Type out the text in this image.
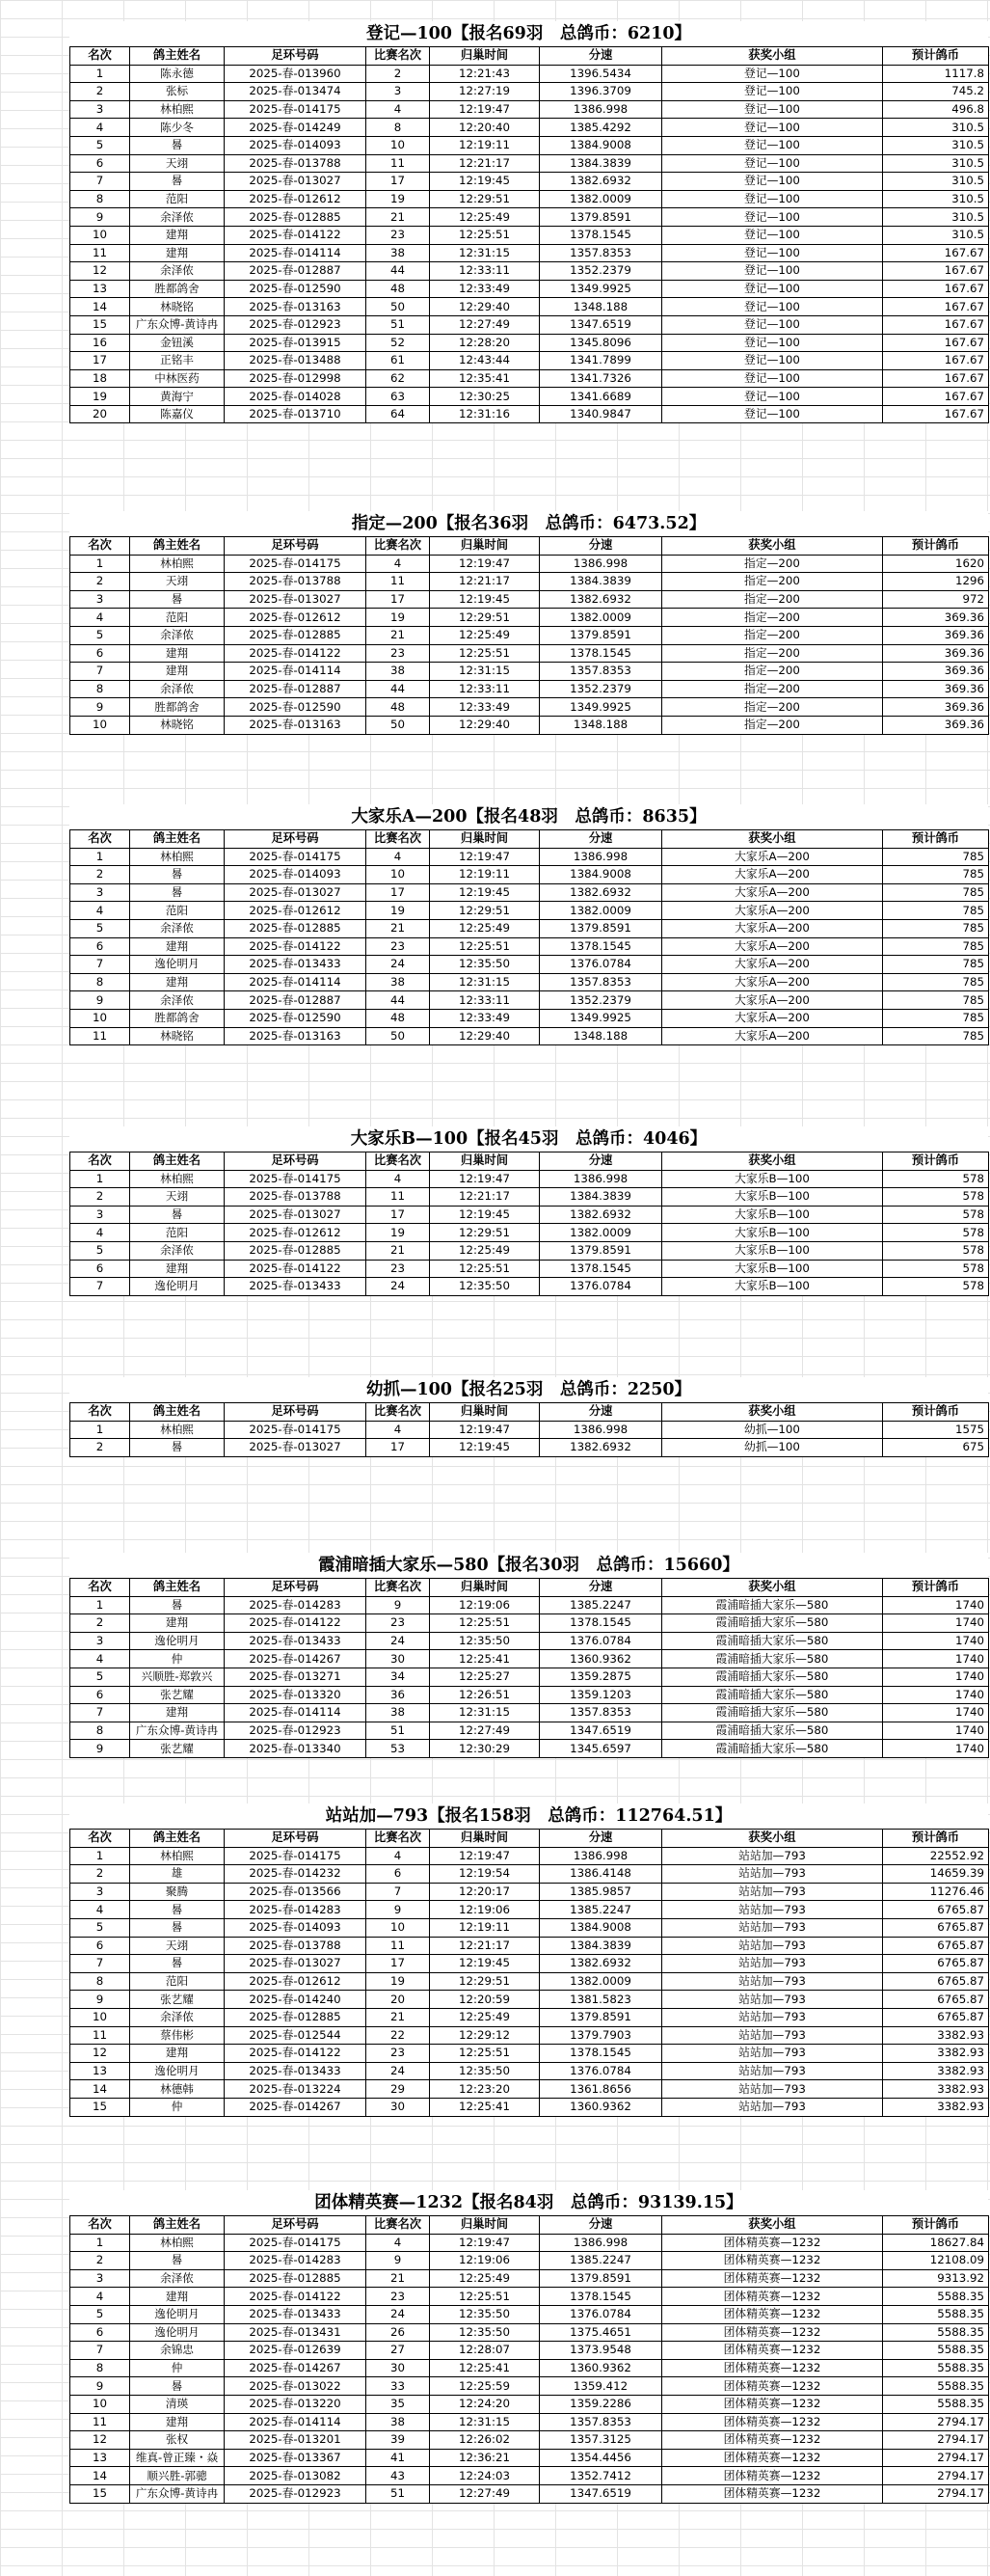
登记—100【报名69羽　总鸽币：6210】
名次	鸽主姓名	足环号码	比赛名次	归巢时间	分速	获奖小组	预计鸽币
1	陈永德	2025-春-013960	2	12:21:43	1396.5434	登记—100	1117.8
2	张标	2025-春-013474	3	12:27:19	1396.3709	登记—100	745.2
3	林柏熙	2025-春-014175	4	12:19:47	1386.998	登记—100	496.8
4	陈少冬	2025-春-014249	8	12:20:40	1385.4292	登记—100	310.5
5	晷	2025-春-014093	10	12:19:11	1384.9008	登记—100	310.5
6	天翊	2025-春-013788	11	12:21:17	1384.3839	登记—100	310.5
7	晷	2025-春-013027	17	12:19:45	1382.6932	登记—100	310.5
8	范阳	2025-春-012612	19	12:29:51	1382.0009	登记—100	310.5
9	余泽侬	2025-春-012885	21	12:25:49	1379.8591	登记—100	310.5
10	建翔	2025-春-014122	23	12:25:51	1378.1545	登记—100	310.5
11	建翔	2025-春-014114	38	12:31:15	1357.8353	登记—100	167.67
12	余泽侬	2025-春-012887	44	12:33:11	1352.2379	登记—100	167.67
13	胜都鸽舍	2025-春-012590	48	12:33:49	1349.9925	登记—100	167.67
14	林晓铭	2025-春-013163	50	12:29:40	1348.188	登记—100	167.67
15	广东众博-黄诗冉	2025-春-012923	51	12:27:49	1347.6519	登记—100	167.67
16	金钮溪	2025-春-013915	52	12:28:20	1345.8096	登记—100	167.67
17	正铭丰	2025-春-013488	61	12:43:44	1341.7899	登记—100	167.67
18	中林医药	2025-春-012998	62	12:35:41	1341.7326	登记—100	167.67
19	黄海宁	2025-春-014028	63	12:30:25	1341.6689	登记—100	167.67
20	陈嘉仪	2025-春-013710	64	12:31:16	1340.9847	登记—100	167.67
指定—200【报名36羽　总鸽币：6473.52】
名次	鸽主姓名	足环号码	比赛名次	归巢时间	分速	获奖小组	预计鸽币
1	林柏熙	2025-春-014175	4	12:19:47	1386.998	指定—200	1620
2	天翊	2025-春-013788	11	12:21:17	1384.3839	指定—200	1296
3	晷	2025-春-013027	17	12:19:45	1382.6932	指定—200	972
4	范阳	2025-春-012612	19	12:29:51	1382.0009	指定—200	369.36
5	余泽侬	2025-春-012885	21	12:25:49	1379.8591	指定—200	369.36
6	建翔	2025-春-014122	23	12:25:51	1378.1545	指定—200	369.36
7	建翔	2025-春-014114	38	12:31:15	1357.8353	指定—200	369.36
8	余泽侬	2025-春-012887	44	12:33:11	1352.2379	指定—200	369.36
9	胜都鸽舍	2025-春-012590	48	12:33:49	1349.9925	指定—200	369.36
10	林晓铭	2025-春-013163	50	12:29:40	1348.188	指定—200	369.36
大家乐A—200【报名48羽　总鸽币：8635】
名次	鸽主姓名	足环号码	比赛名次	归巢时间	分速	获奖小组	预计鸽币
1	林柏熙	2025-春-014175	4	12:19:47	1386.998	大家乐A—200	785
2	晷	2025-春-014093	10	12:19:11	1384.9008	大家乐A—200	785
3	晷	2025-春-013027	17	12:19:45	1382.6932	大家乐A—200	785
4	范阳	2025-春-012612	19	12:29:51	1382.0009	大家乐A—200	785
5	余泽侬	2025-春-012885	21	12:25:49	1379.8591	大家乐A—200	785
6	建翔	2025-春-014122	23	12:25:51	1378.1545	大家乐A—200	785
7	逸伦明月	2025-春-013433	24	12:35:50	1376.0784	大家乐A—200	785
8	建翔	2025-春-014114	38	12:31:15	1357.8353	大家乐A—200	785
9	余泽侬	2025-春-012887	44	12:33:11	1352.2379	大家乐A—200	785
10	胜都鸽舍	2025-春-012590	48	12:33:49	1349.9925	大家乐A—200	785
11	林晓铭	2025-春-013163	50	12:29:40	1348.188	大家乐A—200	785
大家乐B—100【报名45羽　总鸽币：4046】
名次	鸽主姓名	足环号码	比赛名次	归巢时间	分速	获奖小组	预计鸽币
1	林柏熙	2025-春-014175	4	12:19:47	1386.998	大家乐B—100	578
2	天翊	2025-春-013788	11	12:21:17	1384.3839	大家乐B—100	578
3	晷	2025-春-013027	17	12:19:45	1382.6932	大家乐B—100	578
4	范阳	2025-春-012612	19	12:29:51	1382.0009	大家乐B—100	578
5	余泽侬	2025-春-012885	21	12:25:49	1379.8591	大家乐B—100	578
6	建翔	2025-春-014122	23	12:25:51	1378.1545	大家乐B—100	578
7	逸伦明月	2025-春-013433	24	12:35:50	1376.0784	大家乐B—100	578
幼抓—100【报名25羽　总鸽币：2250】
名次	鸽主姓名	足环号码	比赛名次	归巢时间	分速	获奖小组	预计鸽币
1	林柏熙	2025-春-014175	4	12:19:47	1386.998	幼抓—100	1575
2	晷	2025-春-013027	17	12:19:45	1382.6932	幼抓—100	675
霞浦暗插大家乐—580【报名30羽　总鸽币：15660】
名次	鸽主姓名	足环号码	比赛名次	归巢时间	分速	获奖小组	预计鸽币
1	晷	2025-春-014283	9	12:19:06	1385.2247	霞浦暗插大家乐—580	1740
2	建翔	2025-春-014122	23	12:25:51	1378.1545	霞浦暗插大家乐—580	1740
3	逸伦明月	2025-春-013433	24	12:35:50	1376.0784	霞浦暗插大家乐—580	1740
4	仲	2025-春-014267	30	12:25:41	1360.9362	霞浦暗插大家乐—580	1740
5	兴顺胜-郑敦兴	2025-春-013271	34	12:25:27	1359.2875	霞浦暗插大家乐—580	1740
6	张艺耀	2025-春-013320	36	12:26:51	1359.1203	霞浦暗插大家乐—580	1740
7	建翔	2025-春-014114	38	12:31:15	1357.8353	霞浦暗插大家乐—580	1740
8	广东众博-黄诗冉	2025-春-012923	51	12:27:49	1347.6519	霞浦暗插大家乐—580	1740
9	张艺耀	2025-春-013340	53	12:30:29	1345.6597	霞浦暗插大家乐—580	1740
站站加—793【报名158羽　总鸽币：112764.51】
名次	鸽主姓名	足环号码	比赛名次	归巢时间	分速	获奖小组	预计鸽币
1	林柏熙	2025-春-014175	4	12:19:47	1386.998	站站加—793	22552.92
2	雄	2025-春-014232	6	12:19:54	1386.4148	站站加—793	14659.39
3	聚腾	2025-春-013566	7	12:20:17	1385.9857	站站加—793	11276.46
4	晷	2025-春-014283	9	12:19:06	1385.2247	站站加—793	6765.87
5	晷	2025-春-014093	10	12:19:11	1384.9008	站站加—793	6765.87
6	天翊	2025-春-013788	11	12:21:17	1384.3839	站站加—793	6765.87
7	晷	2025-春-013027	17	12:19:45	1382.6932	站站加—793	6765.87
8	范阳	2025-春-012612	19	12:29:51	1382.0009	站站加—793	6765.87
9	张艺耀	2025-春-014240	20	12:20:59	1381.5823	站站加—793	6765.87
10	余泽侬	2025-春-012885	21	12:25:49	1379.8591	站站加—793	6765.87
11	蔡伟彬	2025-春-012544	22	12:29:12	1379.7903	站站加—793	3382.93
12	建翔	2025-春-014122	23	12:25:51	1378.1545	站站加—793	3382.93
13	逸伦明月	2025-春-013433	24	12:35:50	1376.0784	站站加—793	3382.93
14	林德韩	2025-春-013224	29	12:23:20	1361.8656	站站加—793	3382.93
15	仲	2025-春-014267	30	12:25:41	1360.9362	站站加—793	3382.93
团体精英赛—1232【报名84羽　总鸽币：93139.15】
名次	鸽主姓名	足环号码	比赛名次	归巢时间	分速	获奖小组	预计鸽币
1	林柏熙	2025-春-014175	4	12:19:47	1386.998	团体精英赛—1232	18627.84
2	晷	2025-春-014283	9	12:19:06	1385.2247	团体精英赛—1232	12108.09
3	余泽侬	2025-春-012885	21	12:25:49	1379.8591	团体精英赛—1232	9313.92
4	建翔	2025-春-014122	23	12:25:51	1378.1545	团体精英赛—1232	5588.35
5	逸伦明月	2025-春-013433	24	12:35:50	1376.0784	团体精英赛—1232	5588.35
6	逸伦明月	2025-春-013431	26	12:35:50	1375.4651	团体精英赛—1232	5588.35
7	余锦忠	2025-春-012639	27	12:28:07	1373.9548	团体精英赛—1232	5588.35
8	仲	2025-春-014267	30	12:25:41	1360.9362	团体精英赛—1232	5588.35
9	晷	2025-春-013022	33	12:25:59	1359.412	团体精英赛—1232	5588.35
10	清瑛	2025-春-013220	35	12:24:20	1359.2286	团体精英赛—1232	5588.35
11	建翔	2025-春-014114	38	12:31:15	1357.8353	团体精英赛—1232	2794.17
12	张权	2025-春-013201	39	12:26:02	1357.3125	团体精英赛—1232	2794.17
13	维真-曾正臻・焱	2025-春-013367	41	12:36:21	1354.4456	团体精英赛—1232	2794.17
14	顺兴胜-郭骢	2025-春-013082	43	12:24:03	1352.7412	团体精英赛—1232	2794.17
15	广东众博-黄诗冉	2025-春-012923	51	12:27:49	1347.6519	团体精英赛—1232	2794.17
